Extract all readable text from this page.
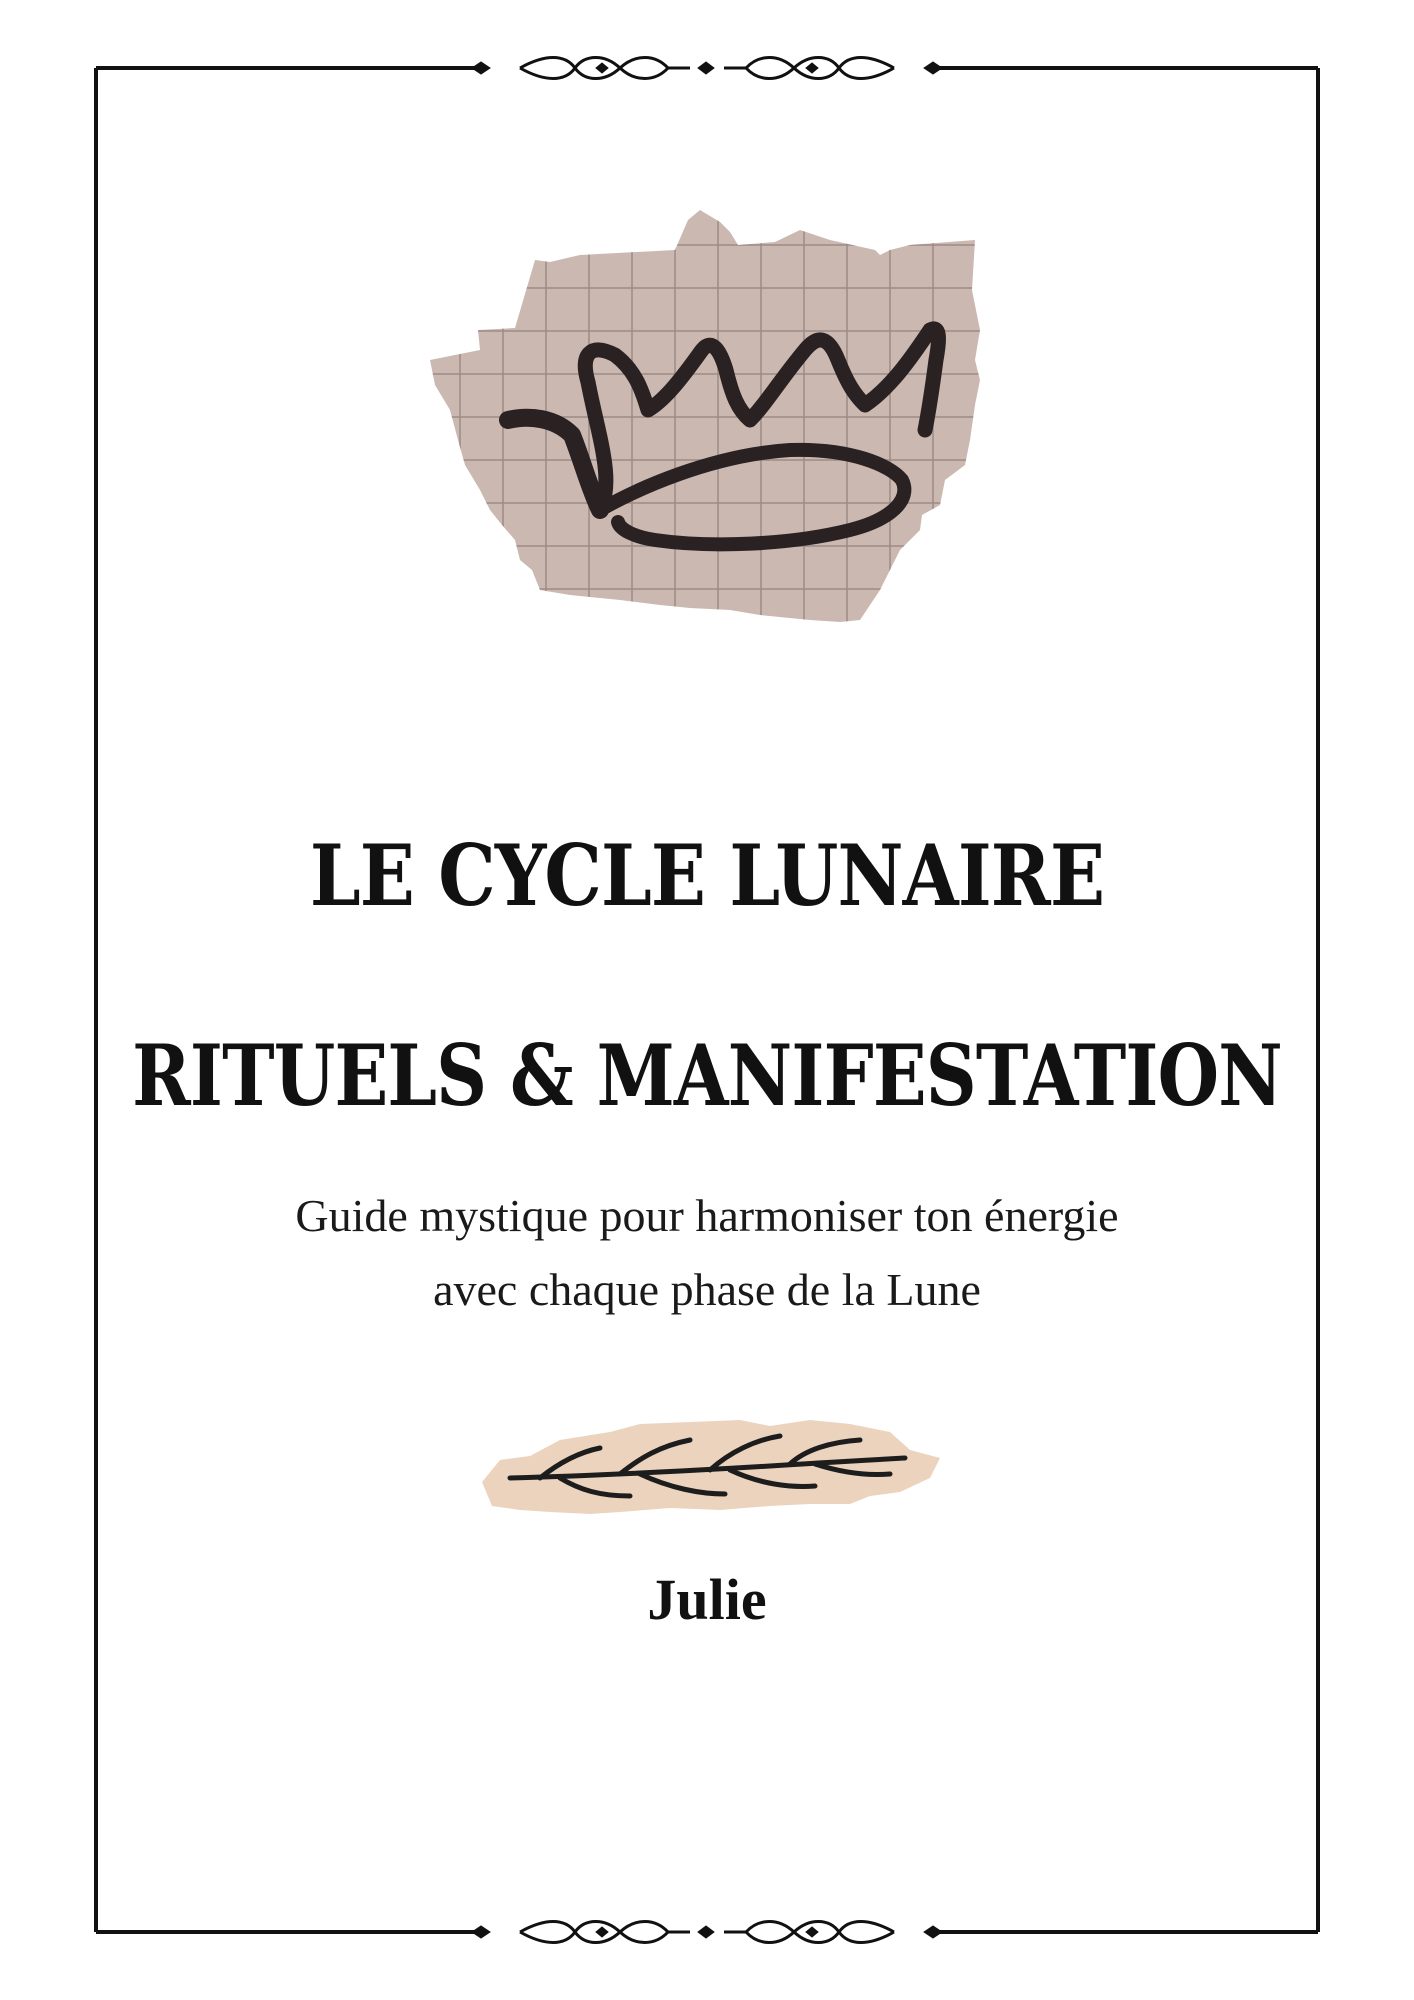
LE CYCLE LUNAIRE
RITUELS & MANIFESTATION
Guide mystique pour harmoniser ton énergie
avec chaque phase de la Lune
Julie
